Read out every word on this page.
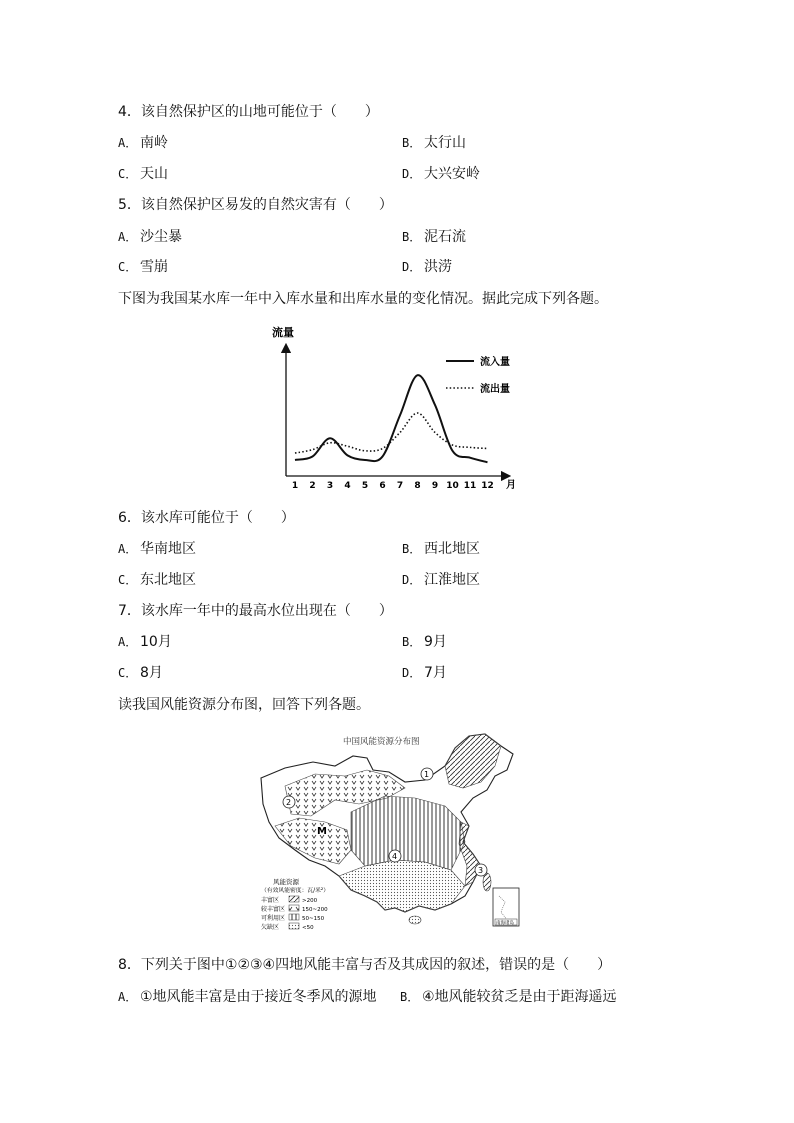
4．该自然保护区的山地可能位于（　　）
A． 南岭	B． 太行山
C． 天山	D． 大兴安岭
5．该自然保护区易发的自然灾害有（　　）
A． 沙尘暴	B． 泥石流
C． 雪崩	D． 洪涝
下图为我国某水库一年中入库水量和出库水量的变化情况。据此完成下列各题。
流量
月
1 2 3 4 5 6 7 8 9 10 11 12
流入量
流出量
6．该水库可能位于（　　）
A． 华南地区	B． 西北地区
C． 东北地区	D． 江淮地区
7．该水库一年中的最高水位出现在（　　）
A． 10月	B． 9月
C． 8月	D． 7月
读我国风能资源分布图，回答下列各题。
中国风能资源分布图
1
2
3
4
M
南海诸岛
风能资源
（有效风能密度：瓦/米²）
丰富区	>200
较丰富区	150~200
可利用区	50~150
欠缺区	<50
8．下列关于图中①②③④四地风能丰富与否及其成因的叙述，错误的是（　　）
A． ①地风能丰富是由于接近冬季风的源地 B． ④地风能较贫乏是由于距海遥远
